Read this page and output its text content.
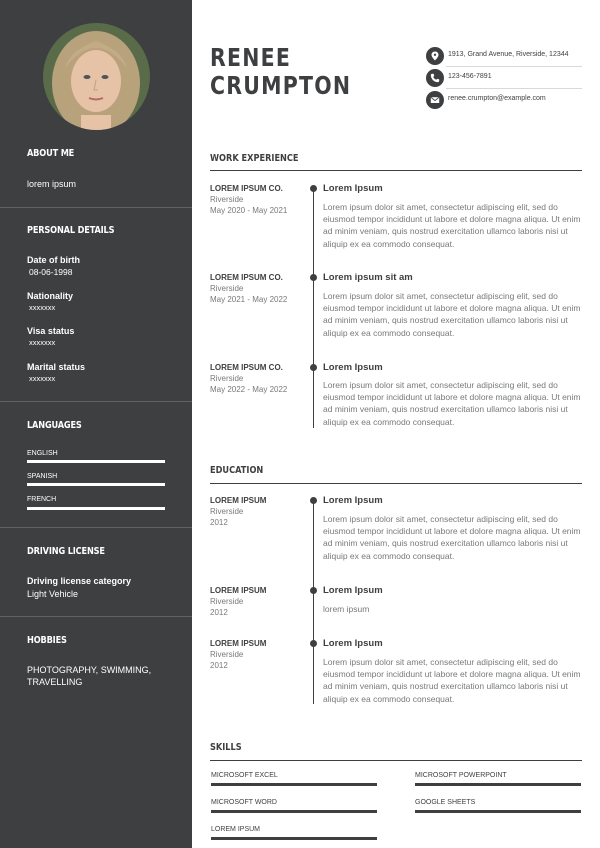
ABOUT ME
lorem ipsum
PERSONAL DETAILS
Date of birth
08-06-1998
Nationality
xxxxxxx
Visa status
xxxxxxx
Marital status
xxxxxxx
LANGUAGES
ENGLISH
SPANISH
FRENCH
DRIVING LICENSE
Driving license category
Light Vehicle
HOBBIES
PHOTOGRAPHY, SWIMMING,
TRAVELLING
RENEE
CRUMPTON
1913, Grand Avenue, Riverside, 12344
123-456-7891
renee.crumpton@example.com
WORK EXPERIENCE
LOREM IPSUM CO.
Riverside
May 2020 - May 2021
Lorem Ipsum
Lorem ipsum dolor sit amet, consectetur adipiscing elit, sed do eiusmod tempor incididunt ut labore et dolore magna aliqua. Ut enim ad minim veniam, quis nostrud exercitation ullamco laboris nisi ut aliquip ex ea commodo consequat.
LOREM IPSUM CO.
Riverside
May 2021 - May 2022
Lorem ipsum sit am
Lorem ipsum dolor sit amet, consectetur adipiscing elit, sed do eiusmod tempor incididunt ut labore et dolore magna aliqua. Ut enim ad minim veniam, quis nostrud exercitation ullamco laboris nisi ut aliquip ex ea commodo consequat.
LOREM IPSUM CO.
Riverside
May 2022 - May 2022
Lorem Ipsum
Lorem ipsum dolor sit amet, consectetur adipiscing elit, sed do eiusmod tempor incididunt ut labore et dolore magna aliqua. Ut enim ad minim veniam, quis nostrud exercitation ullamco laboris nisi ut aliquip ex ea commodo consequat.
EDUCATION
LOREM IPSUM
Riverside
2012
Lorem Ipsum
Lorem ipsum dolor sit amet, consectetur adipiscing elit, sed do eiusmod tempor incididunt ut labore et dolore magna aliqua. Ut enim ad minim veniam, quis nostrud exercitation ullamco laboris nisi ut aliquip ex ea commodo consequat.
LOREM IPSUM
Riverside
2012
Lorem Ipsum
lorem ipsum
LOREM IPSUM
Riverside
2012
Lorem Ipsum
Lorem ipsum dolor sit amet, consectetur adipiscing elit, sed do eiusmod tempor incididunt ut labore et dolore magna aliqua. Ut enim ad minim veniam, quis nostrud exercitation ullamco laboris nisi ut aliquip ex ea commodo consequat.
SKILLS
MICROSOFT EXCEL	MICROSOFT POWERPOINT
MICROSOFT WORD	GOOGLE SHEETS
LOREM IPSUM
